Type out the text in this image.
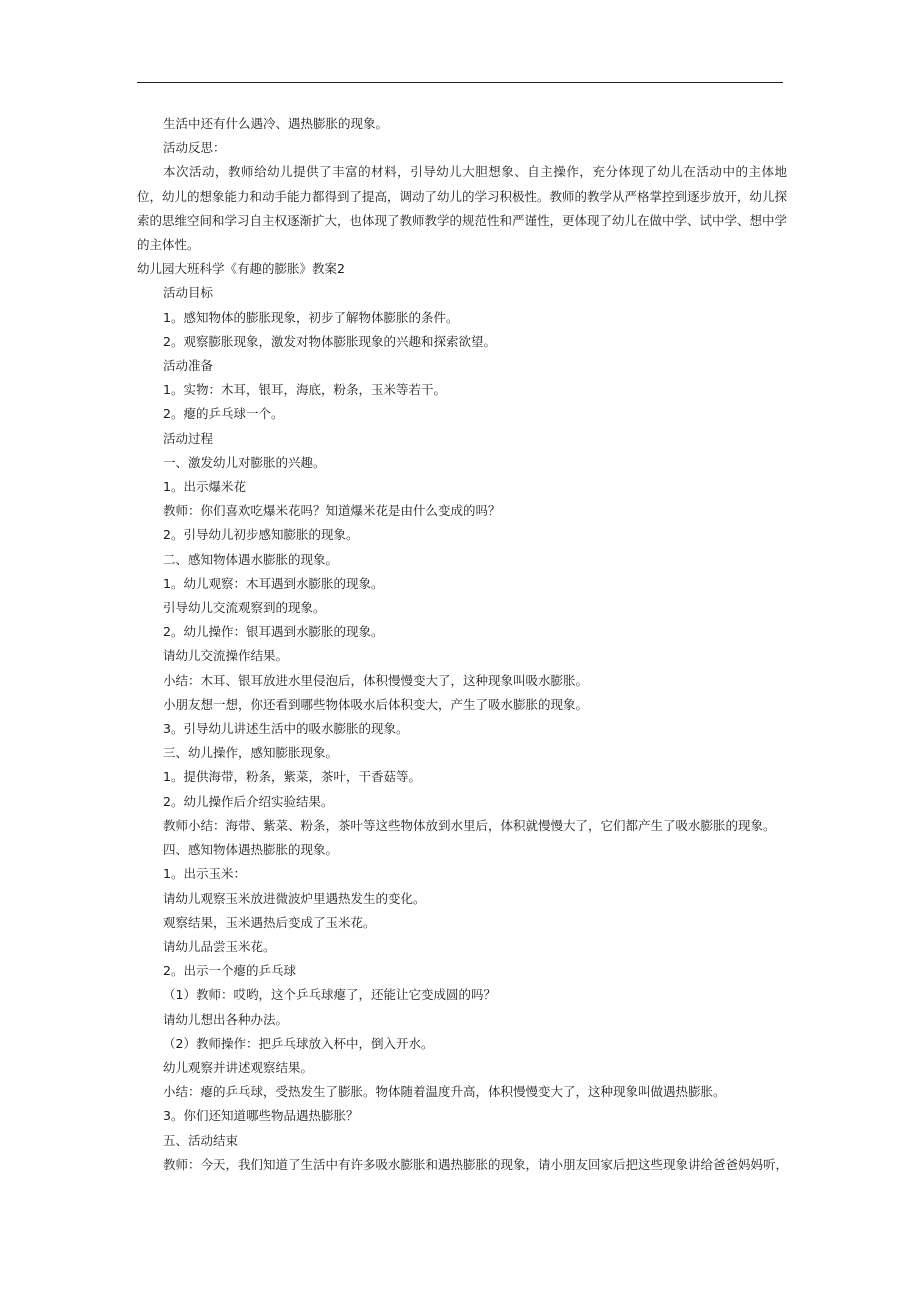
生活中还有什么遇冷、遇热膨胀的现象。

活动反思：

本次活动，教师给幼儿提供了丰富的材料，引导幼儿大胆想象、自主操作，充分体现了幼儿在活动中的主体地位，幼儿的想象能力和动手能力都得到了提高，调动了幼儿的学习积极性。教师的教学从严格掌控到逐步放开，幼儿探索的思维空间和学习自主权逐渐扩大，也体现了教师教学的规范性和严谨性，更体现了幼儿在做中学、试中学、想中学的主体性。

幼儿园大班科学《有趣的膨胀》教案2

活动目标

1。感知物体的膨胀现象，初步了解物体膨胀的条件。

2。观察膨胀现象，激发对物体膨胀现象的兴趣和探索欲望。

活动准备

1。实物：木耳，银耳，海底，粉条，玉米等若干。

2。瘪的乒乓球一个。

活动过程

一、激发幼儿对膨胀的兴趣。

1。出示爆米花

教师：你们喜欢吃爆米花吗？知道爆米花是由什么变成的吗？

2。引导幼儿初步感知膨胀的现象。

二、感知物体遇水膨胀的现象。

1。幼儿观察：木耳遇到水膨胀的现象。

引导幼儿交流观察到的现象。

2。幼儿操作：银耳遇到水膨胀的现象。

请幼儿交流操作结果。

小结：木耳、银耳放进水里侵泡后，体积慢慢变大了，这种现象叫吸水膨胀。

小朋友想一想，你还看到哪些物体吸水后体积变大，产生了吸水膨胀的现象。

3。引导幼儿讲述生活中的吸水膨胀的现象。

三、幼儿操作，感知膨胀现象。

1。提供海带，粉条，紫菜，茶叶，干香菇等。

2。幼儿操作后介绍实验结果。

教师小结：海带、紫菜、粉条，茶叶等这些物体放到水里后，体积就慢慢大了，它们都产生了吸水膨胀的现象。

四、感知物体遇热膨胀的现象。

1。出示玉米：

请幼儿观察玉米放进微波炉里遇热发生的变化。

观察结果，玉米遇热后变成了玉米花。

请幼儿品尝玉米花。

2。出示一个瘪的乒乓球

（1）教师：哎哟，这个乒乓球瘪了，还能让它变成圆的吗？

请幼儿想出各种办法。

（2）教师操作：把乒乓球放入杯中，倒入开水。

幼儿观察并讲述观察结果。

小结：瘪的乒乓球，受热发生了膨胀。物体随着温度升高，体积慢慢变大了，这种现象叫做遇热膨胀。

3。你们还知道哪些物品遇热膨胀？

五、活动结束

教师：今天，我们知道了生活中有许多吸水膨胀和遇热膨胀的现象，请小朋友回家后把这些现象讲给爸爸妈妈听，
